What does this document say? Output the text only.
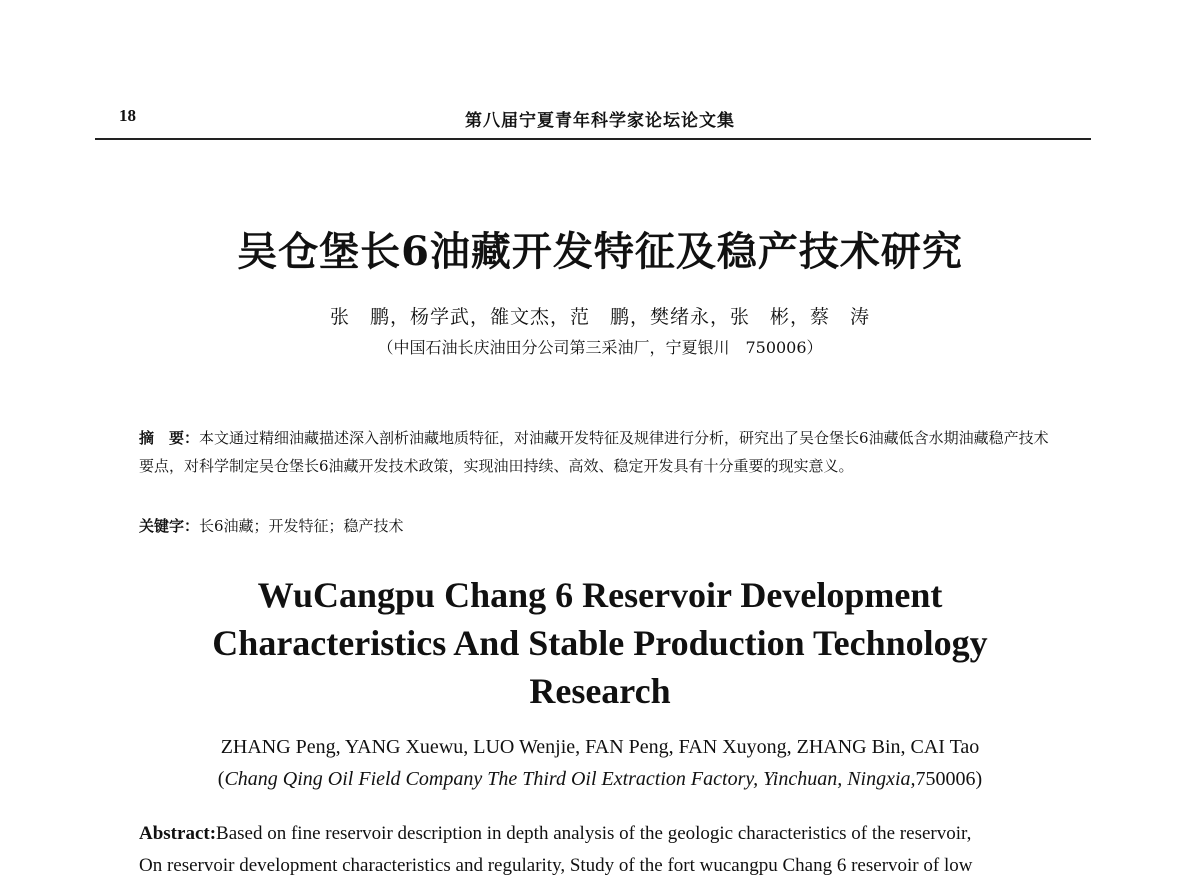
18	第八届宁夏青年科学家论坛论文集
吴仓堡长6油藏开发特征及稳产技术研究
张　鹏，杨学武，雒文杰，范　鹏，樊绪永，张　彬，蔡　涛
（中国石油长庆油田分公司第三采油厂，宁夏银川　750006）
摘　要：本文通过精细油藏描述深入剖析油藏地质特征，对油藏开发特征及规律进行分析，研究出了吴仓堡长6油藏低含水期油藏稳产技术要点，对科学制定吴仓堡长6油藏开发技术政策，实现油田持续、高效、稳定开发具有十分重要的现实意义。
关键字：长6油藏；开发特征；稳产技术
WuCangpu Chang 6 Reservoir Development
Characteristics And Stable Production Technology
Research
ZHANG Peng, YANG Xuewu, LUO Wenjie, FAN Peng, FAN Xuyong, ZHANG Bin, CAI Tao
(Chang Qing Oil Field Company The Third Oil Extraction Factory, Yinchuan, Ningxia,750006)
Abstract:Based on fine reservoir description in depth analysis of the geologic characteristics of the reservoir,
On reservoir development characteristics and regularity, Study of the fort wucangpu Chang 6 reservoir of low
